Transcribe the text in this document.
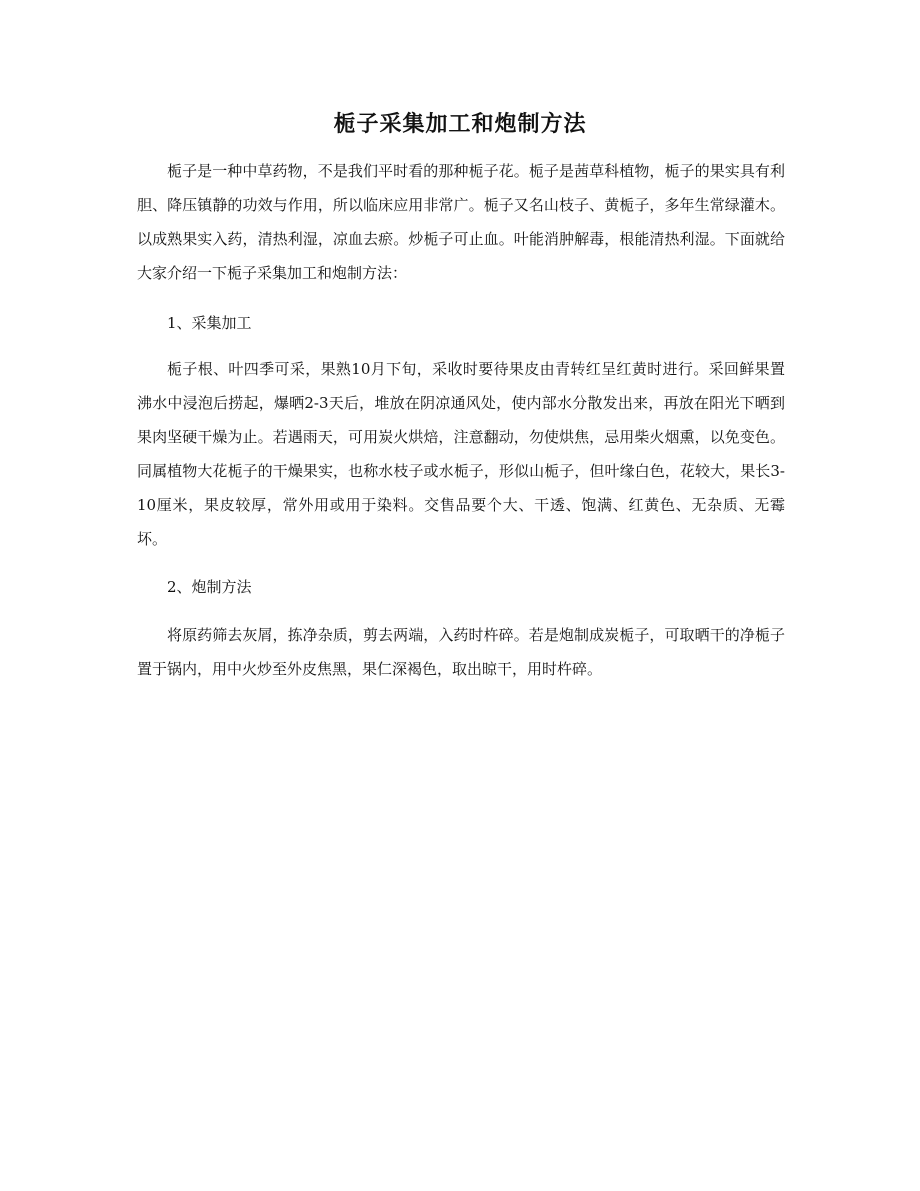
栀子采集加工和炮制方法

栀子是一种中草药物，不是我们平时看的那种栀子花。栀子是茜草科植物，栀子的果实具有利胆、降压镇静的功效与作用，所以临床应用非常广。栀子又名山枝子、黄栀子，多年生常绿灌木。以成熟果实入药，清热利湿，凉血去瘀。炒栀子可止血。叶能消肿解毒，根能清热利湿。下面就给大家介绍一下栀子采集加工和炮制方法：

1、采集加工

栀子根、叶四季可采，果熟10月下旬，采收时要待果皮由青转红呈红黄时进行。采回鲜果置沸水中浸泡后捞起，爆晒2-3天后，堆放在阴凉通风处，使内部水分散发出来，再放在阳光下晒到果肉坚硬干燥为止。若遇雨天，可用炭火烘焙，注意翻动，勿使烘焦，忌用柴火烟熏，以免变色。同属植物大花栀子的干燥果实，也称水枝子或水栀子，形似山栀子，但叶缘白色，花较大，果长3-10厘米，果皮较厚，常外用或用于染料。交售品要个大、干透、饱满、红黄色、无杂质、无霉坏。

2、炮制方法

将原药筛去灰屑，拣净杂质，剪去两端，入药时杵碎。若是炮制成炭栀子，可取晒干的净栀子置于锅内，用中火炒至外皮焦黑，果仁深褐色，取出晾干，用时杵碎。
